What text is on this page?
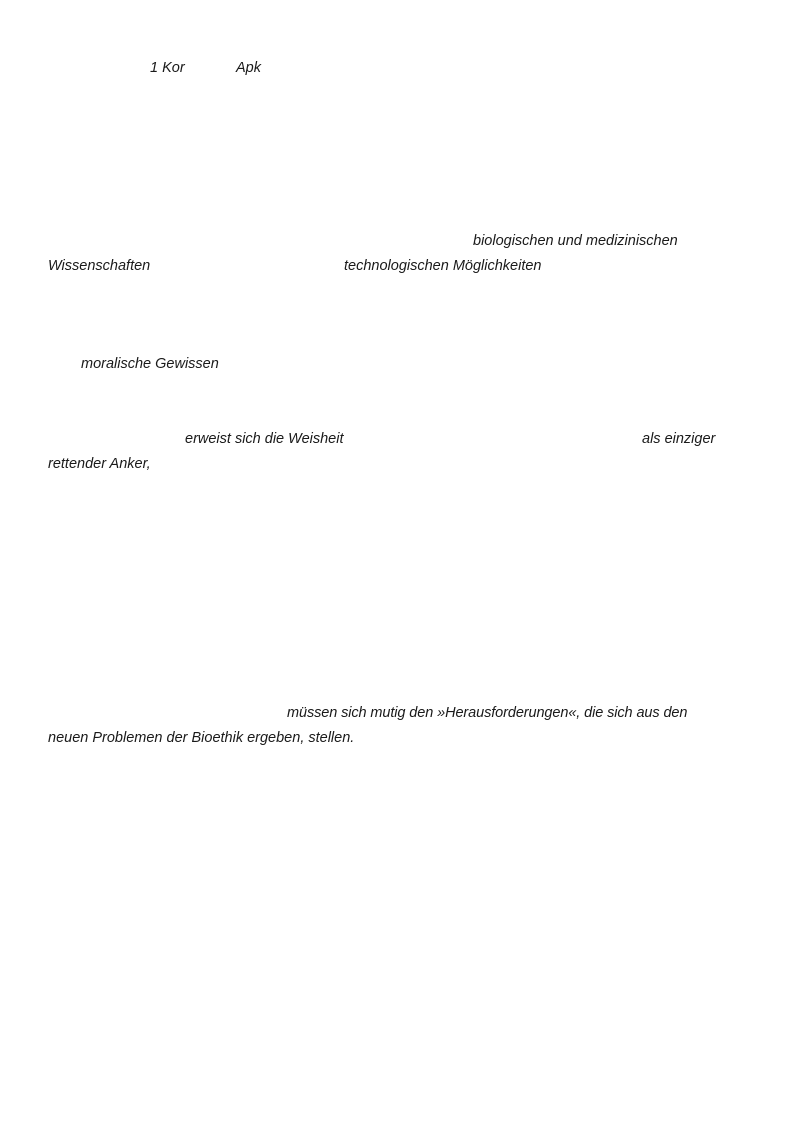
1 Kor	Apk
biologischen und medizinischen
Wissenschaften	technologischen Möglichkeiten
moralische Gewissen
erweist sich die Weisheit	als einziger
rettender Anker,
müssen sich mutig den »Herausforderungen«, die sich aus den
neuen Problemen der Bioethik ergeben, stellen.
